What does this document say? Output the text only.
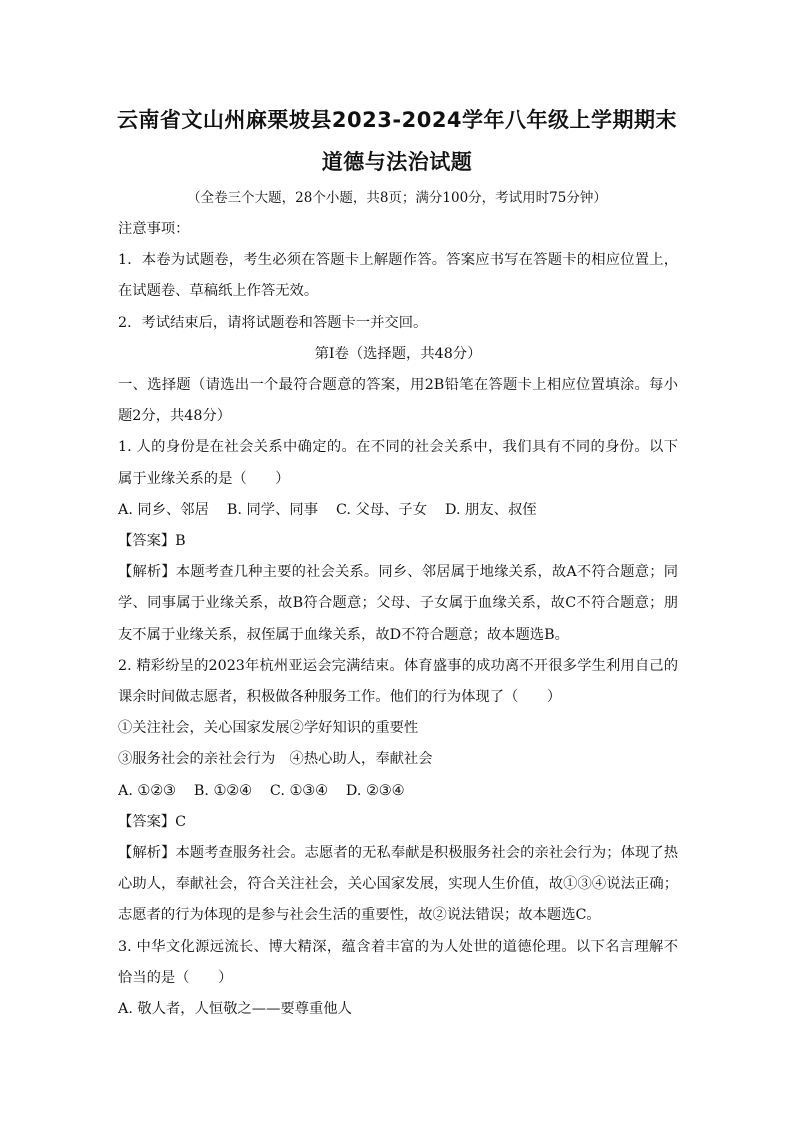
云南省文山州麻栗坡县2023-2024学年八年级上学期期末
道德与法治试题
（全卷三个大题，28个小题，共8页；满分100分，考试用时75分钟）

注意事项：

1．本卷为试题卷，考生必须在答题卡上解题作答。答案应书写在答题卡的相应位置上，在试题卷、草稿纸上作答无效。

2．考试结束后，请将试题卷和答题卡一并交回。

第Ⅰ卷（选择题，共48分）

一、选择题（请选出一个最符合题意的答案，用2B铅笔在答题卡上相应位置填涂。每小题2分，共48分）

1. 人的身份是在社会关系中确定的。在不同的社会关系中，我们具有不同的身份。以下属于业缘关系的是（　　）

A. 同乡、邻居 B. 同学、同事 C. 父母、子女 D. 朋友、叔侄

【答案】B

【解析】本题考查几种主要的社会关系。同乡、邻居属于地缘关系，故A不符合题意；同学、同事属于业缘关系，故B符合题意；父母、子女属于血缘关系，故C不符合题意；朋友不属于业缘关系，叔侄属于血缘关系，故D不符合题意；故本题选B。

2. 精彩纷呈的2023年杭州亚运会完满结束。体育盛事的成功离不开很多学生利用自己的课余时间做志愿者，积极做各种服务工作。他们的行为体现了（　　）

①关注社会，关心国家发展②学好知识的重要性

③服务社会的亲社会行为　④热心助人，奉献社会

A. ①②③ B. ①②④ C. ①③④ D. ②③④

【答案】C

【解析】本题考查服务社会。志愿者的无私奉献是积极服务社会的亲社会行为；体现了热心助人，奉献社会，符合关注社会，关心国家发展，实现人生价值，故①③④说法正确；志愿者的行为体现的是参与社会生活的重要性，故②说法错误；故本题选C。

3. 中华文化源远流长、博大精深，蕴含着丰富的为人处世的道德伦理。以下名言理解不恰当的是（　　）

A. 敬人者，人恒敬之——要尊重他人
